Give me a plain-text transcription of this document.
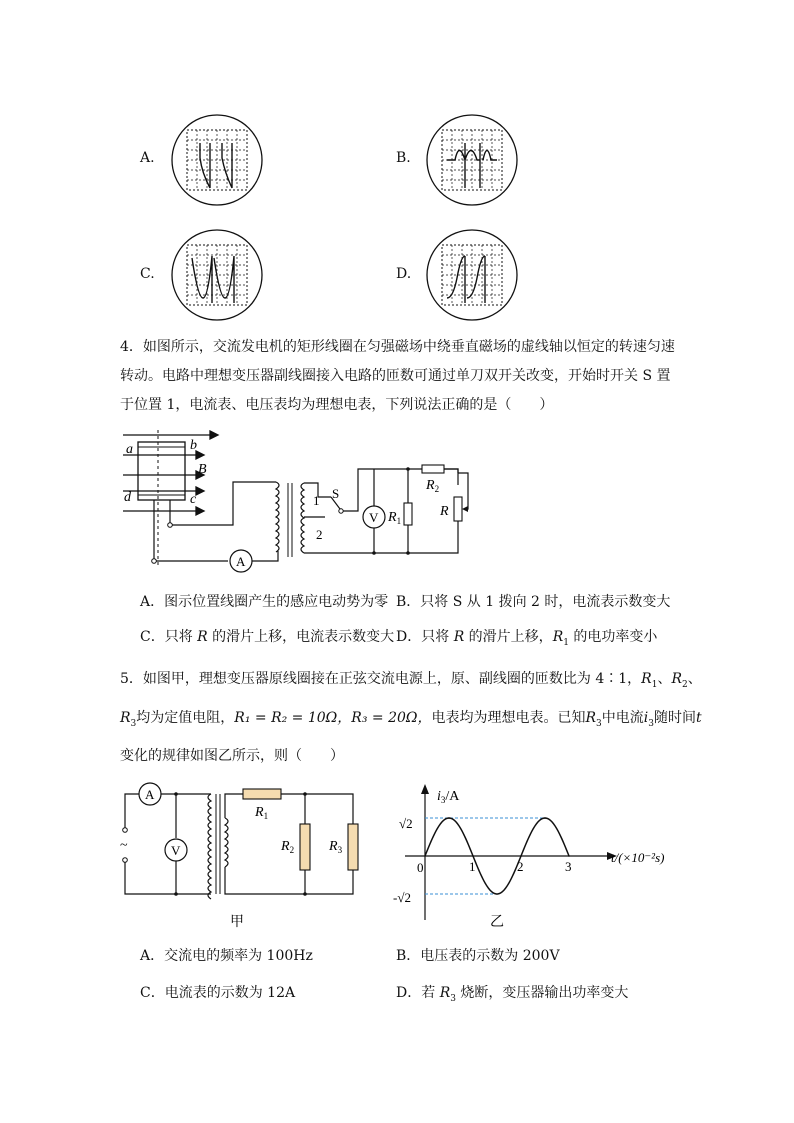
A.	B.
C.	D.
4．如图所示，交流发电机的矩形线圈在匀强磁场中绕垂直磁场的虚线轴以恒定的转速匀速
转动。电路中理想变压器副线圈接入电路的匝数可通过单刀双开关改变，开始时开关 S 置
于位置 1，电流表、电压表均为理想电表，下列说法正确的是（　　）
A
1
2
S
V
a	b
B
d	c
$R_2$
$R_1$
R
A．图示位置线圈产生的感应电动势为零 B．只将 S 从 1 拨向 2 时，电流表示数变大
C．只将 R 的滑片上移，电流表示数变大 D．只将 R 的滑片上移，$R_1$ 的电功率变小
5．如图甲，理想变压器原线圈接在正弦交流电源上，原、副线圈的匝数比为 4∶1，$R_1$、$R_2$、
$R_3$均为定值电阻，R₁ = R₂ = 10Ω，R₃ = 20Ω，电表均为理想电表。已知$R_3$中电流$i_3$随时间t
变化的规律如图乙所示，则（　　）
A
~	V
$R_1$
$R_2$ $R_3$
甲
1	2	3
$i_3/A$
√2
-√2
0
t/(×10⁻²s)
乙
A．交流电的频率为 100Hz	B．电压表的示数为 200V
C．电流表的示数为 12A	D．若 $R_3$ 烧断，变压器输出功率变大
